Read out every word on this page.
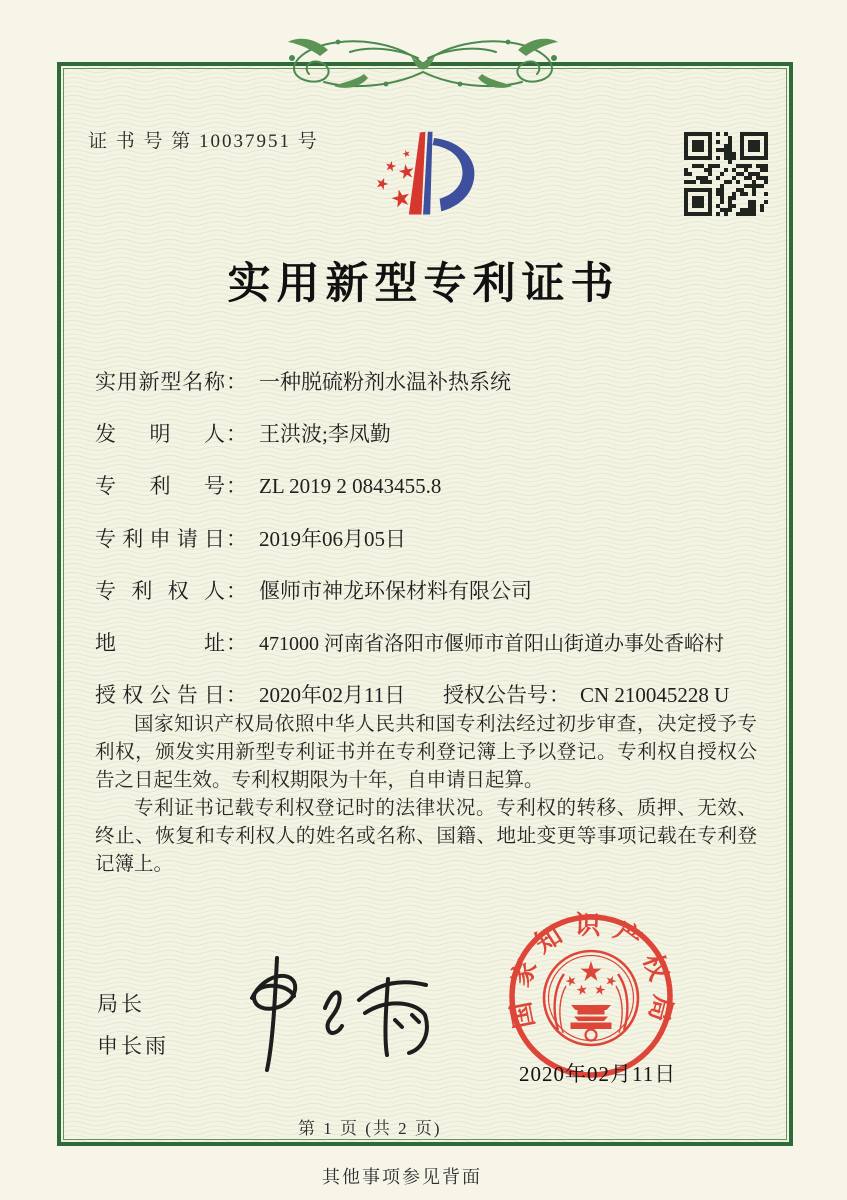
证 书 号 第 10037951 号
实用新型专利证书
实用新型名称 ： 一种脱硫粉剂水温补热系统
发明人 ： 王洪波;李凤勤
专利号 ： ZL 2019 2 0843455.8
专利申请日 ： 2019年06月05日
专利权人 ： 偃师市神龙环保材料有限公司
地址 ： 471000 河南省洛阳市偃师市首阳山街道办事处香峪村
授权公告日 ： 2020年02月11日 授权公告号 ： CN 210045228 U

国家知识产权局依照中华人民共和国专利法经过初步审查，决定授予专利权，颁发实用新型专利证书并在专利登记簿上予以登记。专利权自授权公告之日起生效。专利权期限为十年，自申请日起算。

专利证书记载专利权登记时的法律状况。专利权的转移、质押、无效、终止、恢复和专利权人的姓名或名称、国籍、地址变更等事项记载在专利登记簿上。

局长
申长雨
国家知识产权局
2020年02月11日
第 1 页 (共 2 页)
其他事项参见背面
